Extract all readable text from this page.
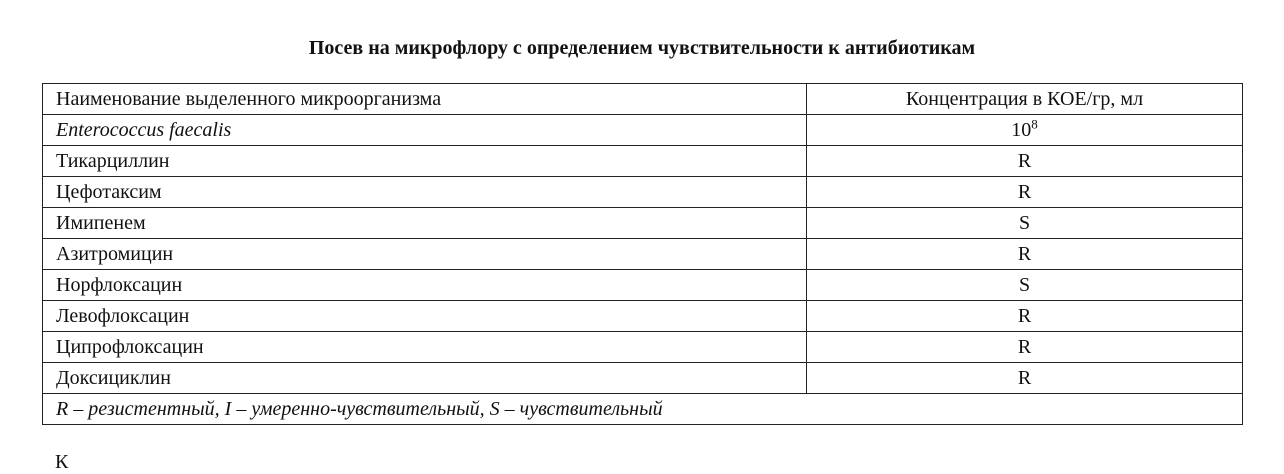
Посев на микрофлору с определением чувствительности к антибиотикам
Наименование выделенного микроорганизма	Концентрация в КОЕ/гр, мл
Enterococcus faecalis	$10^8$
Тикарциллин	R
Цефотаксим	R
Имипенем	S
Азитромицин	R
Норфлоксацин	S
Левофлоксацин	R
Ципрофлоксацин	R
Доксициклин	R
R – резистентный, I – умеренно-чувствительный, S – чувствительный	
К
